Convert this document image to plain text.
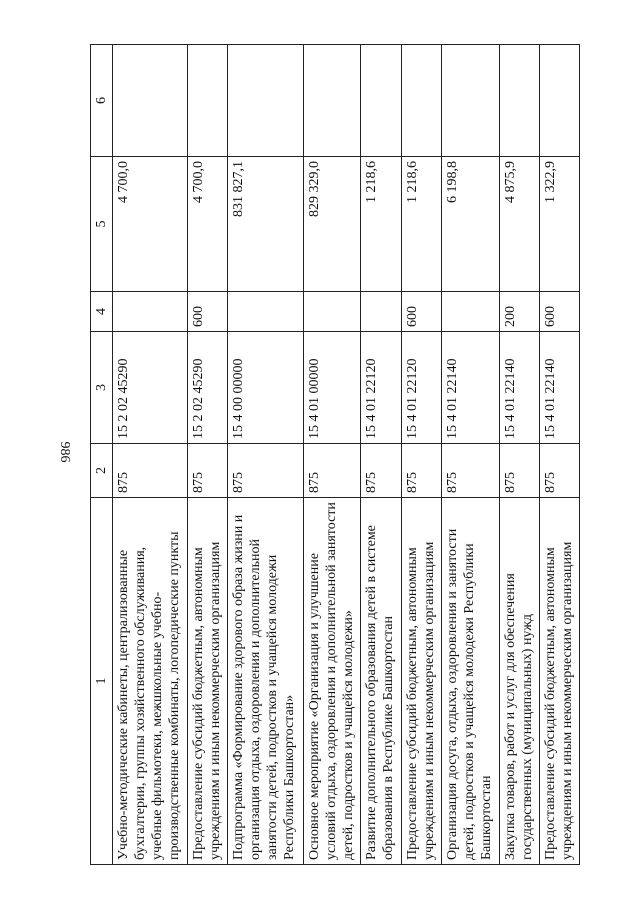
986
1	2	3	4	5	6
Учебно-методические кабинеты, централизованные бухгалтерии, группы хозяйственного обслуживания, учебные фильмотеки, межшкольные учебно-производственные комбинаты, логопедические пункты	875	15 2 02 45290		4 700,0	
Предоставление субсидий бюджетным, автономным учреждениям и иным некоммерческим организациям	875	15 2 02 45290	600	4 700,0	
Подпрограмма «Формирование здорового образа жизни и организация отдыха, оздоровления и дополнительной занятости детей, подростков и учащейся молодежи Республики Башкортостан»	875	15 4 00 00000		831 827,1	
Основное мероприятие «Организация и улучшение условий отдыха, оздоровления и дополнительной занятости детей, подростков и учащейся молодежи»	875	15 4 01 00000		829 329,0	
Развитие дополнительного образования детей в системе образования в Республике Башкортостан	875	15 4 01 22120		1 218,6	
Предоставление субсидий бюджетным, автономным учреждениям и иным некоммерческим организациям	875	15 4 01 22120	600	1 218,6	
Организация досуга, отдыха, оздоровления и занятости детей, подростков и учащейся молодежи Республики Башкортостан	875	15 4 01 22140		6 198,8	
Закупка товаров, работ и услуг для обеспечения государственных (муниципальных) нужд	875	15 4 01 22140	200	4 875,9	
Предоставление субсидий бюджетным, автономным учреждениям и иным некоммерческим организациям	875	15 4 01 22140	600	1 322,9	
